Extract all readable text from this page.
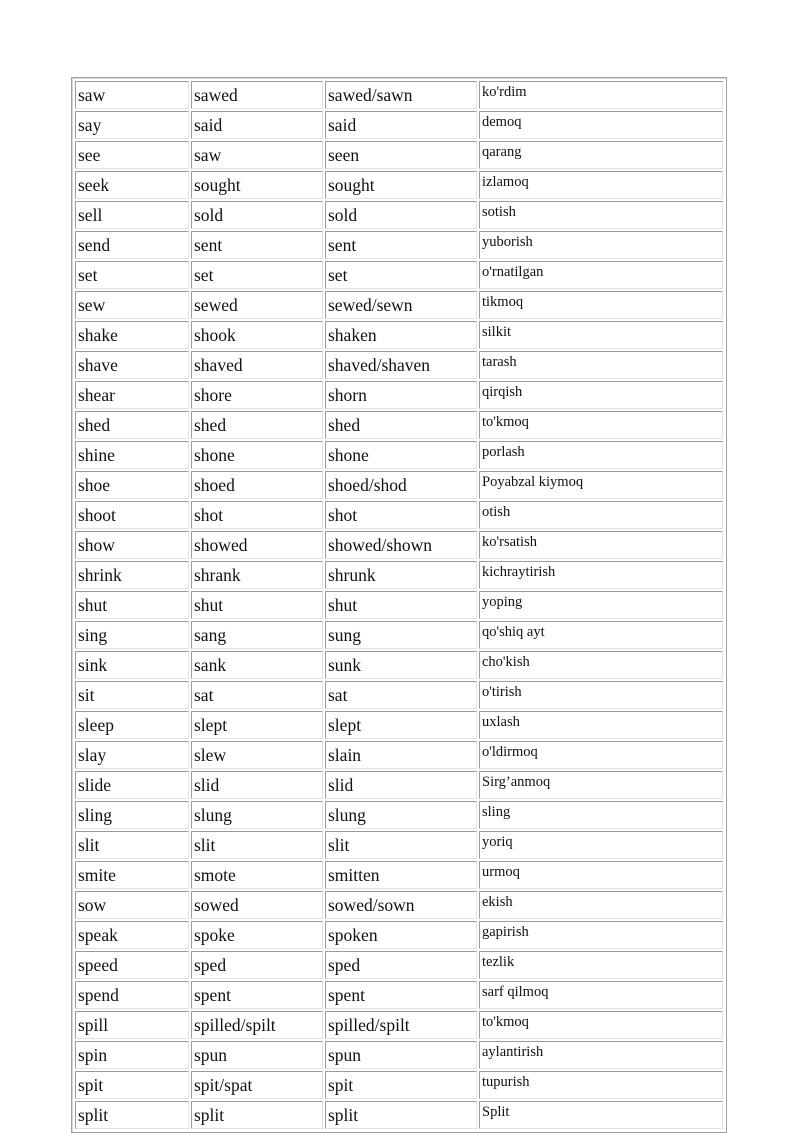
saw	sawed	sawed/sawn	ko'rdim
say	said	said	demoq
see	saw	seen	qarang
seek	sought	sought	izlamoq
sell	sold	sold	sotish
send	sent	sent	yuborish
set	set	set	o'rnatilgan
sew	sewed	sewed/sewn	tikmoq
shake	shook	shaken	silkit
shave	shaved	shaved/shaven	tarash
shear	shore	shorn	qirqish
shed	shed	shed	to'kmoq
shine	shone	shone	porlash
shoe	shoed	shoed/shod	Poyabzal kiymoq
shoot	shot	shot	otish
show	showed	showed/shown	ko'rsatish
shrink	shrank	shrunk	kichraytirish
shut	shut	shut	yoping
sing	sang	sung	qo'shiq ayt
sink	sank	sunk	cho'kish
sit	sat	sat	o'tirish
sleep	slept	slept	uxlash
slay	slew	slain	o'ldirmoq
slide	slid	slid	Sirg’anmoq
sling	slung	slung	sling
slit	slit	slit	yoriq
smite	smote	smitten	urmoq
sow	sowed	sowed/sown	ekish
speak	spoke	spoken	gapirish
speed	sped	sped	tezlik
spend	spent	spent	sarf qilmoq
spill	spilled/spilt	spilled/spilt	to'kmoq
spin	spun	spun	aylantirish
spit	spit/spat	spit	tupurish
split	split	split	Split
